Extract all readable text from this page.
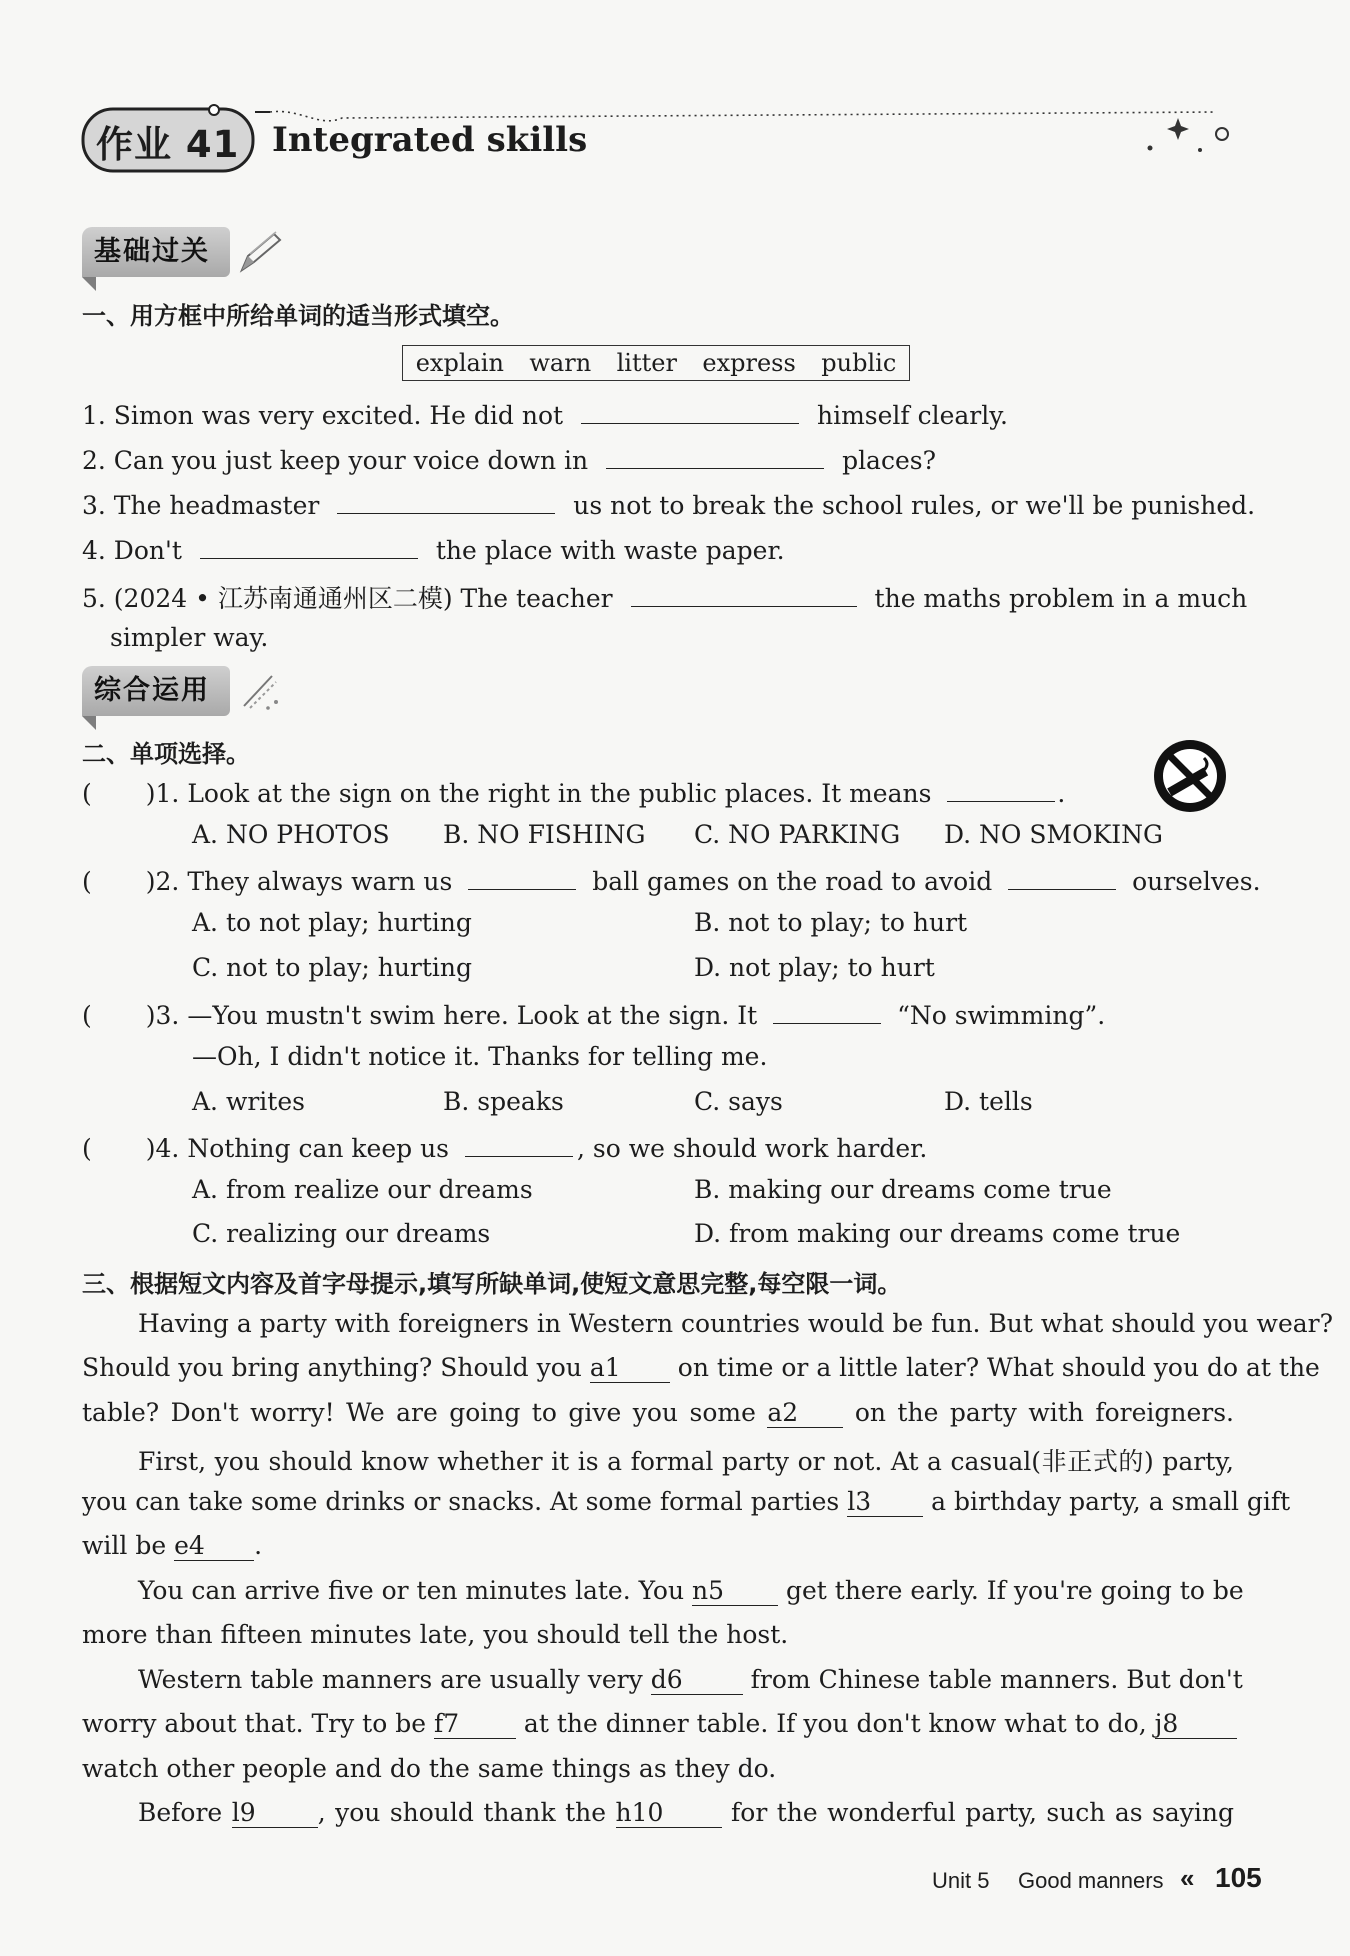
作业 41 Integrated skills
基础过关
一、用方框中所给单词的适当形式填空。
explain warn litter express public
1. Simon was very excited. He did not	himself clearly.
2. Can you just keep your voice down in	places?
3. The headmaster	us not to break the school rules, or we'll be punished.
4. Don't	the place with waste paper.
5. (2024 • 江苏南通通州区二模) The teacher	the maths problem in a much
simpler way.
综合运用
二、单项选择。
( )1. Look at the sign on the right in the public places. It means	.
A. NO PHOTOS B. NO FISHING C. NO PARKING D. NO SMOKING
( )2. They always warn us	ball games on the road to avoid	ourselves.
A. to not play; hurting	B. not to play; to hurt
C. not to play; hurting	D. not play; to hurt
( )3. —You mustn't swim here. Look at the sign. It	“No swimming”.
—Oh, I didn't notice it. Thanks for telling me.
A. writes	B. speaks	C. says	D. tells
( )4. Nothing can keep us	, so we should work harder.
A. from realize our dreams	B. making our dreams come true
C. realizing our dreams	D. from making our dreams come true
三、根据短文内容及首字母提示,填写所缺单词,使短文意思完整,每空限一词。
Having a party with foreigners in Western countries would be fun. But what should you wear?
Should you bring anything? Should you a 1 on time or a little later? What should you do at the
table? Don't worry! We are going to give you some a 2 on the party with foreigners.
First, you should know whether it is a formal party or not. At a casual(非正式的) party,
you can take some drinks or snacks. At some formal parties l 3 a birthday party, a small gift
will be e 4 .
You can arrive five or ten minutes late. You n 5 get there early. If you're going to be
more than fifteen minutes late, you should tell the host.
Western table manners are usually very d 6	from Chinese table manners. But don't
worry about that. Try to be f 7	at the dinner table. If you don't know what to do, j 8
watch other people and do the same things as they do.
Before l 9 , you should thank the h 10	for the wonderful party, such as saying
Unit 5 Good manners « 105
